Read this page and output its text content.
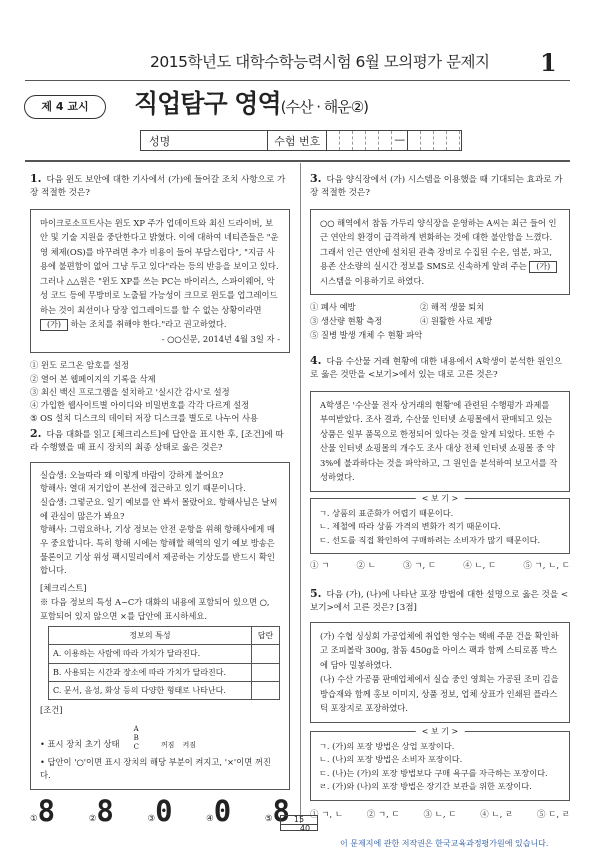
2015학년도 대학수학능력시험 6월 모의평가 문제지 1
제 4 교시	직업탐구 영역(수산 · 해운②)
성명	수험 번호	—
1. 다음 윈도 보안에 대한 기사에서 (가)에 들어갈 조치 사항으로 가장 적절한 것은?
마이크로소프트사는 윈도 XP 주가 업데이트와 최신 드라이버, 보안 및 기술 지원을 중단한다고 밝혔다. 이에 대하여 네티즌들은 "운영 체제(OS)를 바꾸려면 추가 비용이 들어 부담스럽다", "지금 사용에 불편함이 없어 그냥 두고 있다"라는 등의 반응을 보이고 있다. 그러나 △△원은 "윈도 XP를 쓰는 PC는 바이러스, 스파이웨어, 악성 코드 등에 무방비로 노출될 가능성이 크므로 윈도를 업그레이드하는 것이 최선이나 당장 업그레이드를 할 수 없는 상황이라면 (가) 하는 조치를 취해야 한다."라고 권고하였다.
- ○○신문, 2014년 4월 3일 자 -
① 윈도 로그온 암호를 설정
② 열어 본 웹페이지의 기록을 삭제
③ 최신 백신 프로그램을 설치하고 '실시간 감시'로 설정
④ 가입한 웹사이트별 아이디와 비밀번호를 각각 다르게 설정
⑤ OS 설치 디스크의 데이터 저장 디스크를 별도로 나누어 사용
2. 다음 대화를 읽고 [체크리스트]에 답안을 표시한 후, [조건]에 따라 수행했을 때 표시 장치의 최종 상태로 옳은 것은?
실습생: 오늘따라 왜 이렇게 바람이 강하게 불어요?
항해사: 열대 저기압이 본선에 접근하고 있기 때문이니다.
실습생: 그렇군요. 일기 예보를 안 봐서 몰랐어요. 항해사님은 날씨에 관심이 많은가 봐요?
항해사: 그럼요하나, 기상 정보는 안전 운항을 위해 항해사에게 매우 중요합니다. 특히 항해 시에는 항해할 해역의 일기 예보 방송은 물론이고 기상 위성 팩시밀리에서 제공하는 기상도를 반드시 확인합니다.
[체크리스트]
※ 다음 정보의 특성 A~C가 대화의 내용에 포함되어 있으면 ○, 포함되어 있지 않으면 ×를 답안에 표시하세요.
정보의 특성	답란
A. 이용하는 사람에 따라 가치가 달라진다.	
B. 사용되는 시간과 장소에 따라 가치가 달라진다.	
C. 문서, 음성, 화상 등의 다양한 형태로 나타난다.	
[조건]
• 표시 장치 초기 상태
A
B
C	꺼짐 켜짐
• 답안이 '○'이면 표시 장치의 해당 부분이 켜지고, '×'이면 꺼진다.
①8	②8	③0	④0	⑤8
3. 다음 양식장에서 (가) 시스템을 이용했을 때 기대되는 효과로 가장 적절한 것은?
○○ 해역에서 참돔 가두리 양식장을 운영하는 A씨는 최근 들어 인근 연안의 환경이 급격하게 변화하는 것에 대한 불안함을 느꼈다. 그래서 인근 연안에 설치된 관측 장비로 수집된 수온, 염분, 파고, 용존 산소량의 실시간 정보를 SMS로 신속하게 알려 주는 (가) 시스템을 이용하기로 하였다.
① 폐사 예방	② 해적 생물 퇴치
③ 생산량 현황 측정	④ 원활한 사료 제방
⑤ 질병 발생 개체 수 현황 파악
4. 다음 수산물 거래 현황에 대한 내용에서 A학생이 분석한 원인으로 옳은 것만을 <보기>에서 있는 대로 고른 것은?
A학생은 '수산물 전자 상거래의 현황'에 관련된 수행평가 과제를 부여받았다. 조사 결과, 수산물 인터넷 쇼핑몰에서 판매되고 있는 상품은 일부 품목으로 한정되어 있다는 것을 알게 되었다. 또한 수산물 인터넷 쇼핑몰의 개수도 조사 대상 전체 인터넷 쇼핑몰 중 약 3%에 불과하다는 것을 파악하고, 그 원인을 분석하여 보고서를 작성하였다.
< 보 기 >
ㄱ. 상품의 표준화가 어렵기 때문이다.
ㄴ. 제철에 따라 상품 가격의 변화가 적기 때문이다.
ㄷ. 선도를 직접 확인하여 구매하려는 소비자가 많기 때문이다.
① ㄱ	② ㄴ	③ ㄱ, ㄷ	④ ㄴ, ㄷ	⑤ ㄱ, ㄴ, ㄷ
5. 다음 (가), (나)에 나타난 포장 방법에 대한 설명으로 옳은 것을 <보기>에서 고른 것은? [3점]
(가) 수협 싱싱회 가공업체에 취업한 영수는 택배 주문 건을 확인하고 조피볼락 300g, 참돔 450g을 아이스 팩과 함께 스티로폼 박스에 담아 밀봉하였다.
(나) 수산 가공품 판매업체에서 실습 중인 영희는 가공된 조미 김을 방습재와 함께 홍보 이미지, 상품 정보, 업체 상표가 인쇄된 플라스틱 포장지로 포장하였다.
< 보 기 >
ㄱ. (가)의 포장 방법은 상업 포장이다.
ㄴ. (나)의 포장 방법은 소비자 포장이다.
ㄷ. (나)는 (가)의 포장 방법보다 구매 욕구를 자극하는 포장이다.
ㄹ. (가)와 (나)의 포장 방법은 장기간 보관을 위한 포장이다.
① ㄱ, ㄴ	② ㄱ, ㄷ	③ ㄴ, ㄷ	④ ㄴ, ㄹ	⑤ ㄷ, ㄹ
15
40
이 문제지에 관한 저작권은 한국교육과정평가원에 있습니다.
